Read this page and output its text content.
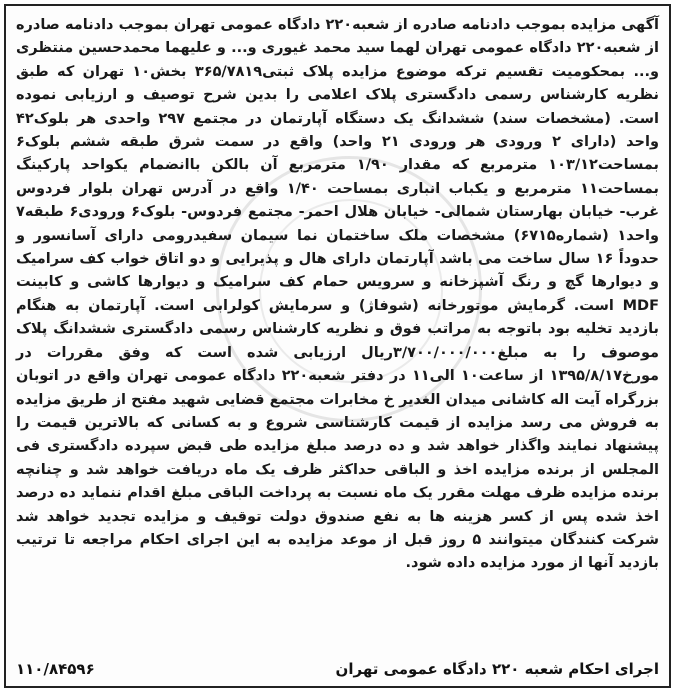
آگهی مزایده بموجب دادنامه صادره از شعبه۲۲۰ دادگاه عمومی تهران بموجب دادنامه صادره از شعبه۲۲۰ دادگاه عمومی تهران لهما سید محمد غیوری و... و علیهما محمدحسین منتظری و... بمحکومیت تقسیم ترکه موضوع مزایده پلاک ثبتی۳۶۵/۷۸۱۹ بخش۱۰ تهران که طبق نظریه کارشناس رسمی دادگستری پلاک اعلامی را بدین شرح توصیف و ارزیابی نموده است. (مشخصات سند) ششدانگ یک دستگاه آپارتمان در مجتمع ۲۹۷ واحدی هر بلوک۴۲ واحد (دارای ۲ ورودی هر ورودی ۲۱ واحد) واقع در سمت شرق طبقه ششم بلوک۶ بمساحت۱۰۳/۱۲ مترمربع که مقدار ۱/۹۰ مترمربع آن بالکن باانضمام یکواحد پارکینگ بمساحت۱۱ مترمربع و یکباب انباری بمساحت ۱/۴۰ واقع در آدرس تهران بلوار فردوس غرب- خیابان بهارستان شمالی- خیابان هلال احمر- مجتمع فردوس- بلوک۶ ورودی۶ طبقه۷ واحد۱ (شماره۶۷۱۵) مشخصات ملک ساختمان نما سیمان سفیدرومی دارای آسانسور و حدوداً ۱۶ سال ساخت می باشد آپارتمان دارای هال و پذیرایی و دو اتاق خواب کف سرامیک و دیوارها گچ و رنگ آشپزخانه و سرویس حمام کف سرامیک و دیوارها کاشی و کابینت MDF است. گرمایش موتورخانه (شوفاژ) و سرمایش کولرابی است. آپارتمان به هنگام بازدید تخلیه بود باتوجه به مراتب فوق و نظریه کارشناس رسمی دادگستری ششدانگ پلاک موصوف را به مبلغ۳/۷۰۰/۰۰۰/۰۰۰ریال ارزیابی شده است که وفق مقررات در مورخ۱۳۹۵/۸/۱۷ از ساعت۱۰ الی۱۱ در دفتر شعبه۲۲۰ دادگاه عمومی تهران واقع در اتوبان بزرگراه آیت اله کاشانی میدان الغدیر خ مخابرات مجتمع قضایی شهید مفتح از طریق مزایده به فروش می رسد مزایده از قیمت کارشناسی شروع و به کسانی که بالاترین قیمت را پیشنهاد نمایند واگذار خواهد شد و ده درصد مبلغ مزایده طی قبض سپرده دادگستری فی المجلس از برنده مزایده اخذ و الباقی حداکثر ظرف یک ماه دریافت خواهد شد و چنانچه برنده مزایده ظرف مهلت مقرر یک ماه نسبت به پرداخت الباقی مبلغ اقدام ننماید ده درصد اخذ شده پس از کسر هزینه ها به نفع صندوق دولت توقیف و مزایده تجدید خواهد شد شرکت کنندگان میتوانند ۵ روز قبل از موعد مزایده به این اجرای احکام مراجعه تا ترتیب بازدید آنها از مورد مزایده داده شود.

اجرای احکام شعبه ۲۲۰ دادگاه عمومی تهران
۱۱۰/۸۴۵۹۶
